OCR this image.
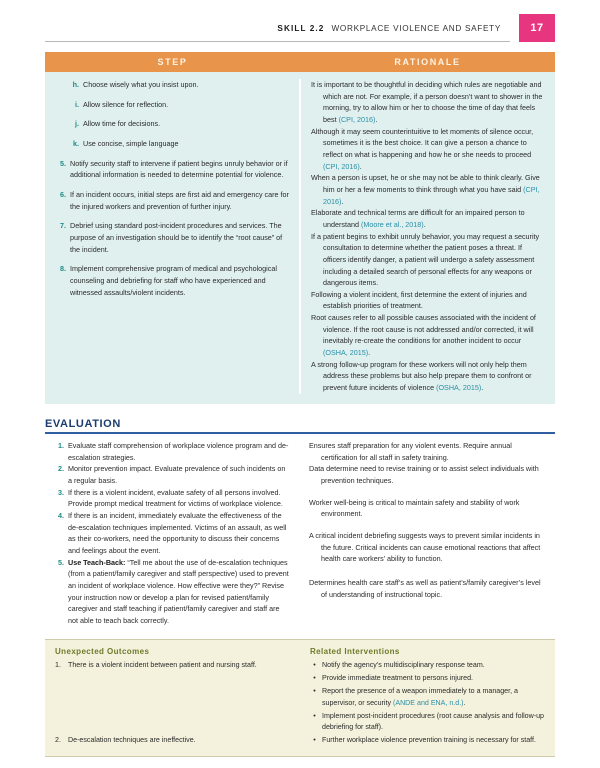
SKILL 2.2 WORKPLACE VIOLENCE AND SAFETY	17
STEP	RATIONALE
h. Choose wisely what you insist upon.
i. Allow silence for reflection.
j. Allow time for decisions.
k. Use concise, simple language
5. Notify security staff to intervene if patient begins unruly behavior or if additional information is needed to determine potential for violence.
6. If an incident occurs, initial steps are first aid and emergency care for the injured workers and prevention of further injury.
7. Debrief using standard post-incident procedures and services. The purpose of an investigation should be to identify the “root cause” of the incident.
8. Implement comprehensive program of medical and psychological counseling and debriefing for staff who have experienced and witnessed assaults/violent incidents.
It is important to be thoughtful in deciding which rules are negotiable and which are not. For example, if a person doesn’t want to shower in the morning, try to allow him or her to choose the time of day that feels best (CPI, 2016).
Although it may seem counterintuitive to let moments of silence occur, sometimes it is the best choice. It can give a person a chance to reflect on what is happening and how he or she needs to proceed (CPI, 2016).
When a person is upset, he or she may not be able to think clearly. Give him or her a few moments to think through what you have said (CPI, 2016).
Elaborate and technical terms are difficult for an impaired person to understand (Moore et al., 2018).
If a patient begins to exhibit unruly behavior, you may request a security consultation to determine whether the patient poses a threat. If officers identify danger, a patient will undergo a safety assessment including a detailed search of personal effects for any weapons or dangerous items.
Following a violent incident, first determine the extent of injuries and establish priorities of treatment.
Root causes refer to all possible causes associated with the incident of violence. If the root cause is not addressed and/or corrected, it will inevitably re-create the conditions for another incident to occur (OSHA, 2015).
A strong follow-up program for these workers will not only help them address these problems but also help prepare them to confront or prevent future incidents of violence (OSHA, 2015).
EVALUATION
1. Evaluate staff comprehension of workplace violence program and de-escalation strategies.
2. Monitor prevention impact. Evaluate prevalence of such incidents on a regular basis.
3. If there is a violent incident, evaluate safety of all persons involved. Provide prompt medical treatment for victims of workplace violence.
4. If there is an incident, immediately evaluate the effectiveness of the de-escalation techniques implemented. Victims of an assault, as well as their co-workers, need the opportunity to discuss their concerns and feelings about the event.
5. Use Teach-Back: “Tell me about the use of de-escalation techniques (from a patient/family caregiver and staff perspective) used to prevent an incident of workplace violence. How effective were they?” Revise your instruction now or develop a plan for revised patient/family caregiver and staff teaching if patient/family caregiver and staff are not able to teach back correctly.
Ensures staff preparation for any violent events. Require annual certification for all staff in safety training.
Data determine need to revise training or to assist select individuals with prevention techniques.
Worker well-being is critical to maintain safety and stability of work environment.
A critical incident debriefing suggests ways to prevent similar incidents in the future. Critical incidents can cause emotional reactions that affect health care workers’ ability to function.
Determines health care staff’s as well as patient’s/family caregiver’s level of understanding of instructional topic.
Unexpected Outcomes
1. There is a violent incident between patient and nursing staff.
2. De-escalation techniques are ineffective.
Related Interventions
• Notify the agency’s multidisciplinary response team.
• Provide immediate treatment to persons injured.
• Report the presence of a weapon immediately to a manager, a supervisor, or security (ANDE and ENA, n.d.).
• Implement post-incident procedures (root cause analysis and follow-up debriefing for staff).
• Further workplace violence prevention training is necessary for staff.
